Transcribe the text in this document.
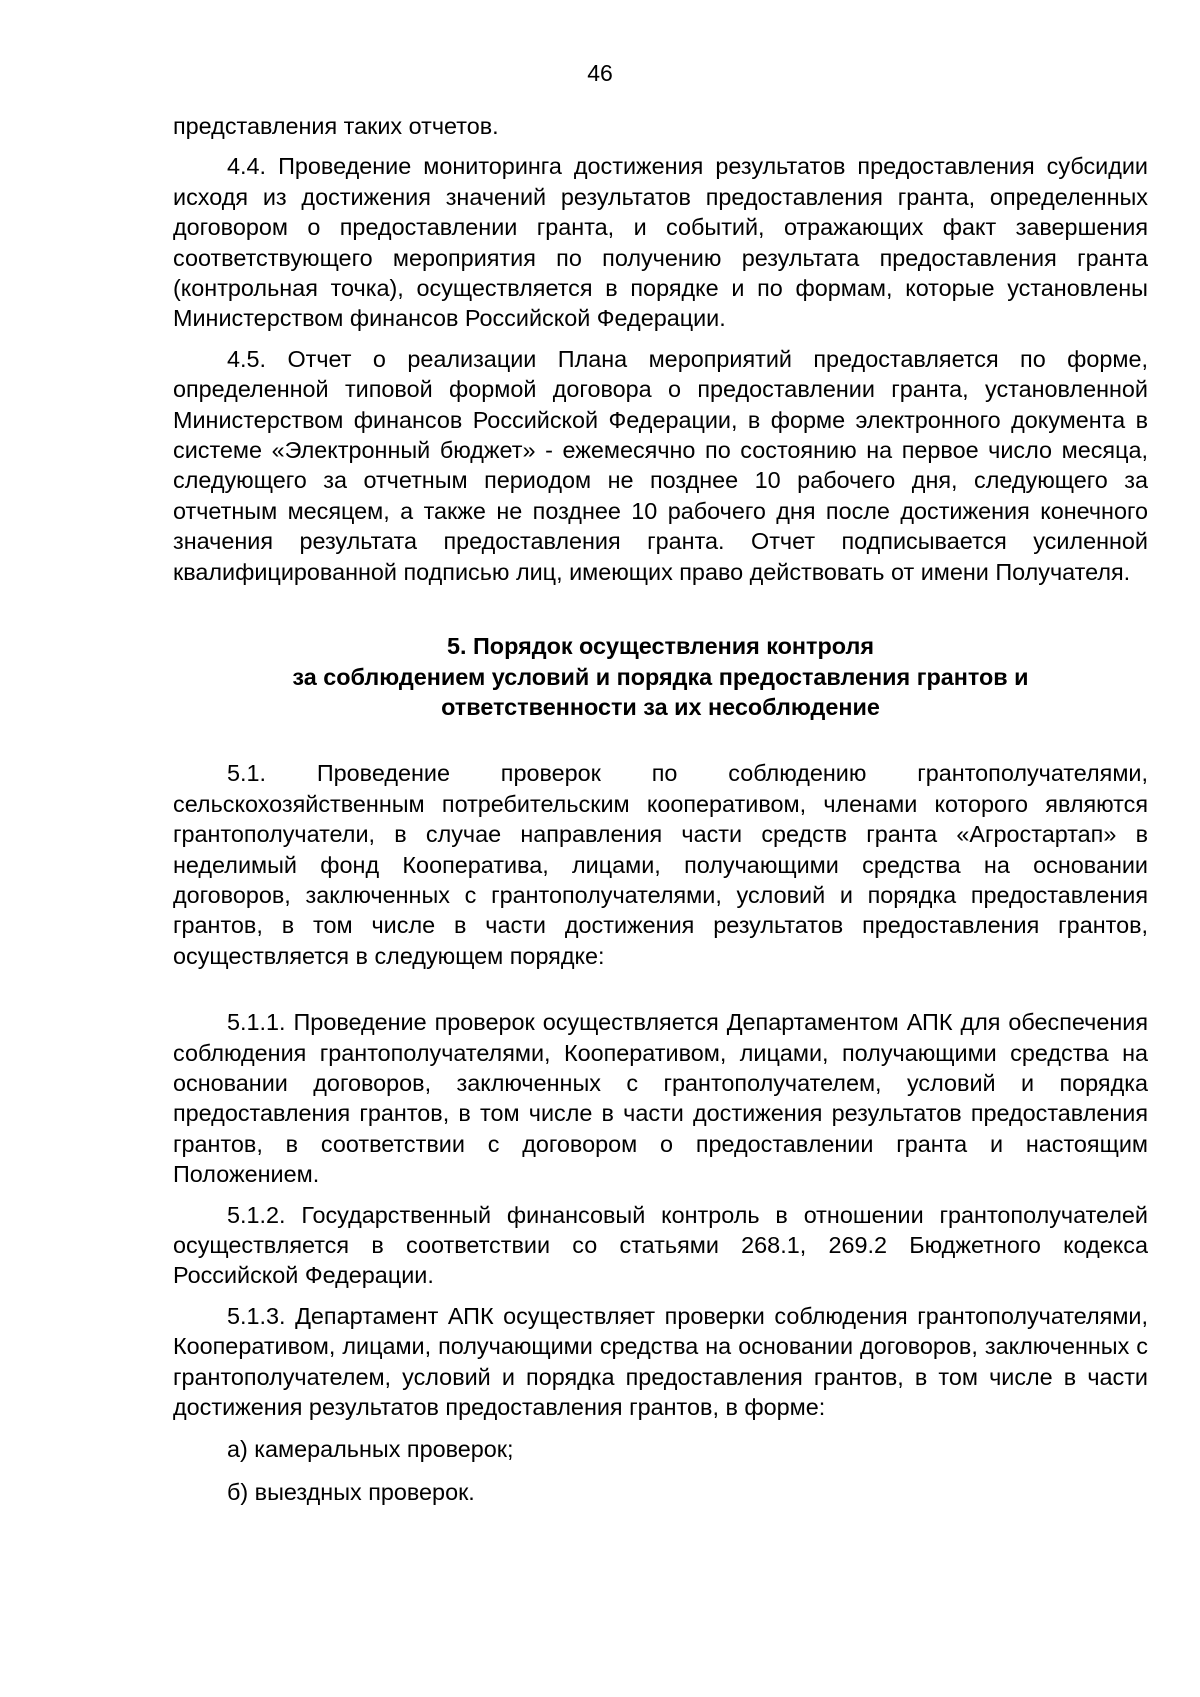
46

представления таких отчетов.

4.4. Проведение мониторинга достижения результатов предоставления субсидии исходя из достижения значений результатов предоставления гранта, определенных договором о предоставлении гранта, и событий, отражающих факт завершения соответствующего мероприятия по получению результата предоставления гранта (контрольная точка), осуществляется в порядке и по формам, которые установлены Министерством финансов Российской Федерации.

4.5. Отчет о реализации Плана мероприятий предоставляется по форме, определенной типовой формой договора о предоставлении гранта, установленной Министерством финансов Российской Федерации, в форме электронного документа в системе «Электронный бюджет» - ежемесячно по состоянию на первое число месяца, следующего за отчетным периодом не позднее 10 рабочего дня, следующего за отчетным месяцем, а также не позднее 10 рабочего дня после достижения конечного значения результата предоставления гранта. Отчет подписывается усиленной квалифицированной подписью лиц, имеющих право действовать от имени Получателя.

5. Порядок осуществления контроля
за соблюдением условий и порядка предоставления грантов и
ответственности за их несоблюдение

5.1. Проведение проверок по соблюдению грантополучателями, сельскохозяйственным потребительским кооперативом, членами которого являются грантополучатели, в случае направления части средств гранта «Агростартап» в неделимый фонд Кооператива, лицами, получающими средства на основании договоров, заключенных с грантополучателями, условий и порядка предоставления грантов, в том числе в части достижения результатов предоставления грантов, осуществляется в следующем порядке:

5.1.1. Проведение проверок осуществляется Департаментом АПК для обеспечения соблюдения грантополучателями, Кооперативом, лицами, получающими средства на основании договоров, заключенных с грантополучателем, условий и порядка предоставления грантов, в том числе в части достижения результатов предоставления грантов, в соответствии с договором о предоставлении гранта и настоящим Положением.

5.1.2. Государственный финансовый контроль в отношении грантополучателей осуществляется в соответствии со статьями 268.1, 269.2 Бюджетного кодекса Российской Федерации.

5.1.3. Департамент АПК осуществляет проверки соблюдения грантополучателями, Кооперативом, лицами, получающими средства на основании договоров, заключенных с грантополучателем, условий и порядка предоставления грантов, в том числе в части достижения результатов предоставления грантов, в форме:

а) камеральных проверок;

б) выездных проверок.
